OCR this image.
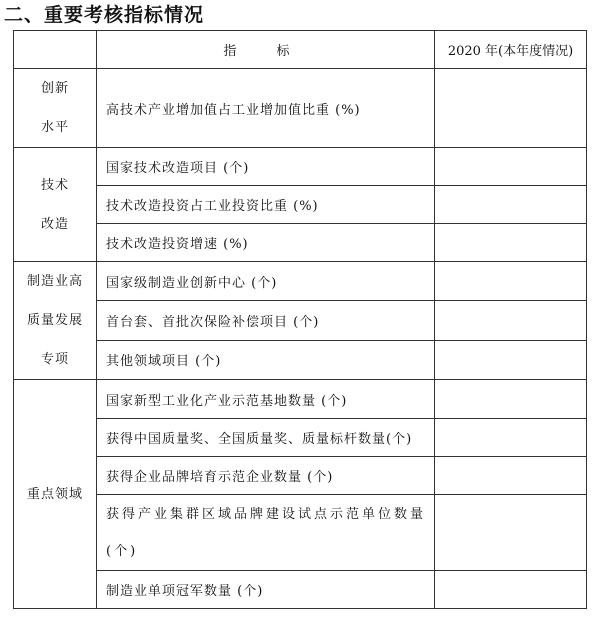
二、重要考核指标情况
	指 标	2020 年(本年度情况)

创新
水平	高技术产业增加值占工业增加值比重 (%)	

技术
改造	国家技术改造项目 (个)	
	技术改造投资占工业投资比重 (%)	
	技术改造投资增速 (%)	

制造业高
质量发展
专项	国家级制造业创新中心 (个)	
	首台套、首批次保险补偿项目 (个)	
	其他领域项目 (个)	

重点领域	国家新型工业化产业示范基地数量 (个)	
	获得中国质量奖、全国质量奖、质量标杆数量(个)	
	获得企业品牌培育示范企业数量 (个)	
	获得产业集群区域品牌建设试点示范单位数量 (个)	
	制造业单项冠军数量 (个)	
